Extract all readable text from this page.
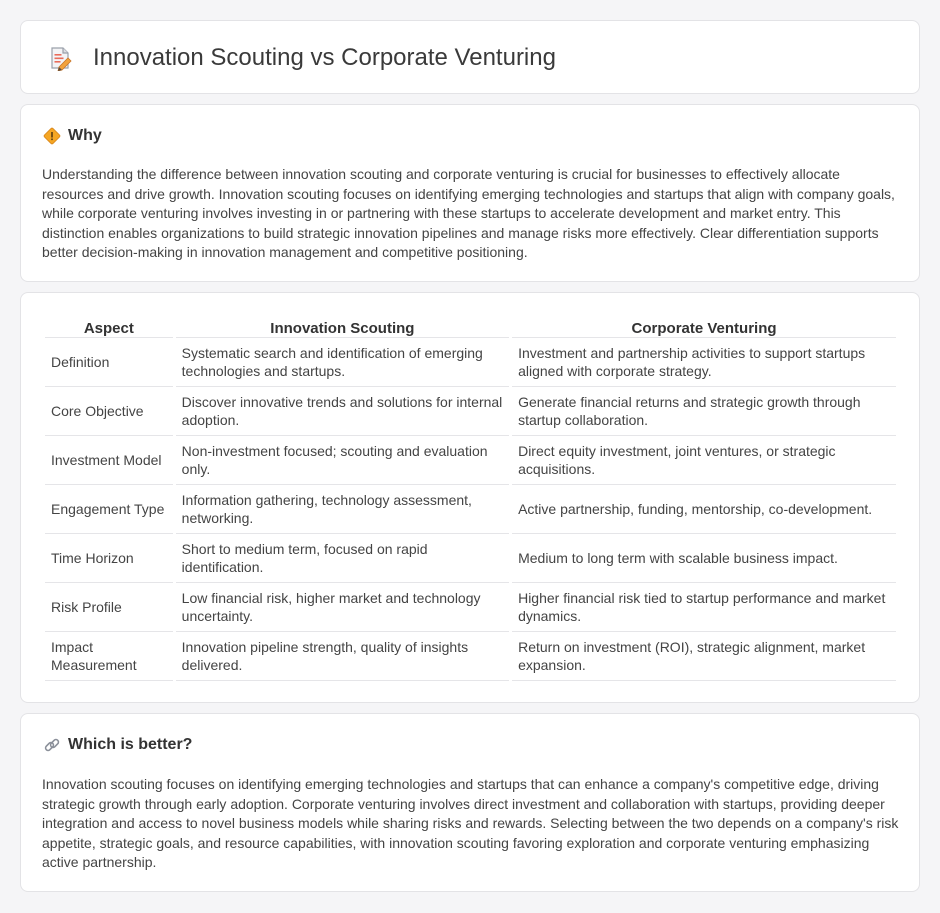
Innovation Scouting vs Corporate Venturing
Why

Understanding the difference between innovation scouting and corporate venturing is crucial for businesses to effectively allocate resources and drive growth. Innovation scouting focuses on identifying emerging technologies and startups that align with company goals, while corporate venturing involves investing in or partnering with these startups to accelerate development and market entry. This distinction enables organizations to build strategic innovation pipelines and manage risks more effectively. Clear differentiation supports better decision-making in innovation management and competitive positioning.

Aspect	Innovation Scouting	Corporate Venturing
Definition	Systematic search and identification of emerging technologies and startups.	Investment and partnership activities to support startups aligned with corporate strategy.
Core Objective	Discover innovative trends and solutions for internal adoption.	Generate financial returns and strategic growth through startup collaboration.
Investment Model	Non-investment focused; scouting and evaluation only.	Direct equity investment, joint ventures, or strategic acquisitions.
Engagement Type	Information gathering, technology assessment, networking.	Active partnership, funding, mentorship, co-development.
Time Horizon	Short to medium term, focused on rapid identification.	Medium to long term with scalable business impact.
Risk Profile	Low financial risk, higher market and technology uncertainty.	Higher financial risk tied to startup performance and market dynamics.
Impact Measurement	Innovation pipeline strength, quality of insights delivered.	Return on investment (ROI), strategic alignment, market expansion.
Which is better?

Innovation scouting focuses on identifying emerging technologies and startups that can enhance a company's competitive edge, driving strategic growth through early adoption. Corporate venturing involves direct investment and collaboration with startups, providing deeper integration and access to novel business models while sharing risks and rewards. Selecting between the two depends on a company's risk appetite, strategic goals, and resource capabilities, with innovation scouting favoring exploration and corporate venturing emphasizing active partnership.
